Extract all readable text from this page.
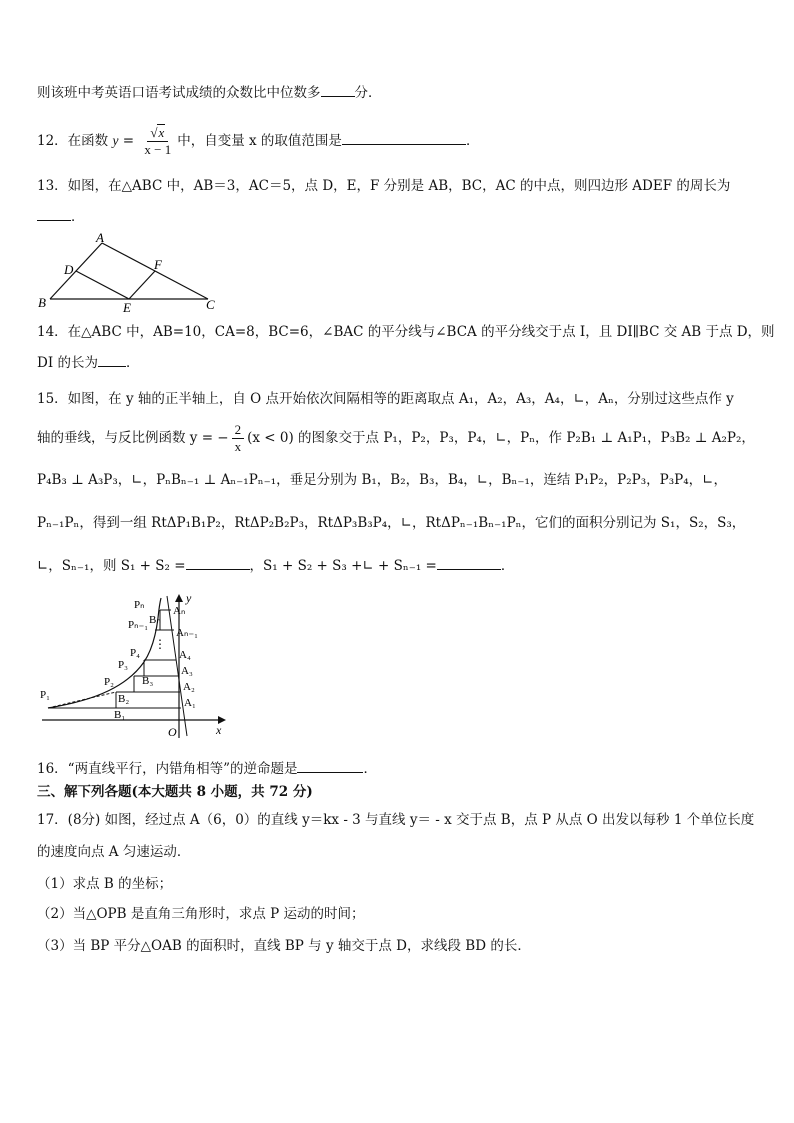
则该班中考英语口语考试成绩的众数比中位数多	分．
12．在函数 $y = \frac{√x}{x - 1}$ 中，自变量 x 的取值范围是	．
13．如图，在△ABC 中，AB＝3，AC＝5，点 D，E，F 分别是 AB，BC，AC 的中点，则四边形 ADEF 的周长为
．
A
B	C
D
E
F
14．在△ABC 中，AB=10，CA=8，BC=6，∠BAC 的平分线与∠BCA 的平分线交于点 I，且 DI∥BC 交 AB 于点 D，则
DI 的长为 ．
15．如图，在 y 轴的正半轴上，自 O 点开始依次间隔相等的距离取点 A₁，A₂，A₃，A₄，∟，Aₙ，分别过这些点作 y
轴的垂线，与反比例函数 y = − $\frac{2}{x} (x < 0)$ 的图象交于点 P₁，P₂，P₃，P₄，∟，Pₙ，作 P₂B₁ ⊥ A₁P₁，P₃B₂ ⊥ A₂P₂，
P₄B₃ ⊥ A₃P₃，∟，PₙBₙ₋₁ ⊥ Aₙ₋₁Pₙ₋₁，垂足分别为 B₁，B₂，B₃，B₄，∟，Bₙ₋₁，连结 P₁P₂，P₂P₃，P₃P₄，∟，
Pₙ₋₁Pₙ，得到一组 RtΔP₁B₁P₂，RtΔP₂B₂P₃，RtΔP₃B₃P₄，∟，RtΔPₙ₋₁Bₙ₋₁Pₙ，它们的面积分别记为 S₁，S₂，S₃，
∟，Sₙ₋₁，则 S₁ + S₂ =	，S₁ + S₂ + S₃ +∟ + Sₙ₋₁ =	．
P₁
P₂
P₃
P₄
Pₙ₋₁
Pₙ
B₁
B₂
B₃
Bₙ
⋮
A₁
A₂
A₃
A₄
Aₙ₋₁
Aₙ
O
y
x
16．“两直线平行，内错角相等”的逆命题是	．
三、解下列各题(本大题共 8 小题，共 72 分)
17．(8分) 如图，经过点 A（6，0）的直线 y＝kx - 3 与直线 y＝ - x 交于点 B，点 P 从点 O 出发以每秒 1 个单位长度
的速度向点 A 匀速运动．
（1）求点 B 的坐标；
（2）当△OPB 是直角三角形时，求点 P 运动的时间；
（3）当 BP 平分△OAB 的面积时，直线 BP 与 y 轴交于点 D，求线段 BD 的长．
